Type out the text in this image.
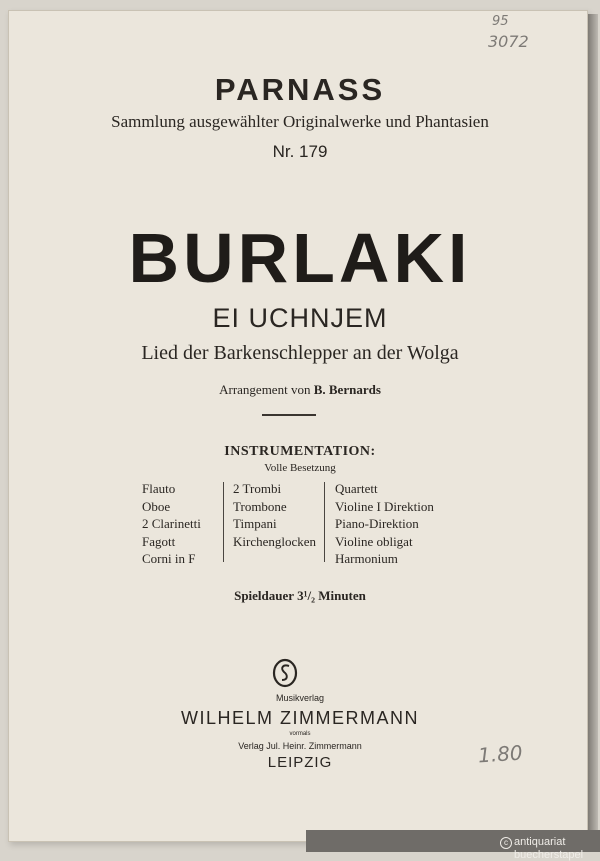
PARNASS
Sammlung ausgewählter Originalwerke und Phantasien
Nr. 179
BURLAKI
EI UCHNJEM
Lied der Barkenschlepper an der Wolga
Arrangement von B. Bernards
INSTRUMENTATION:
Volle Besetzung
Flauto
Oboe
2 Clarinetti
Fagott
Corni in F
2 Trombi
Trombone
Timpani
Kirchenglocken
Quartett
Violine I Direktion
Piano-Direktion
Violine obligat
Harmonium
Spieldauer 3¹/₂ Minuten
Musikverlag
WILHELM ZIMMERMANN
vormals
Verlag Jul. Heinr. Zimmermann
LEIPZIG
95
3072
1.80
c antiquariat
buecherstapel
